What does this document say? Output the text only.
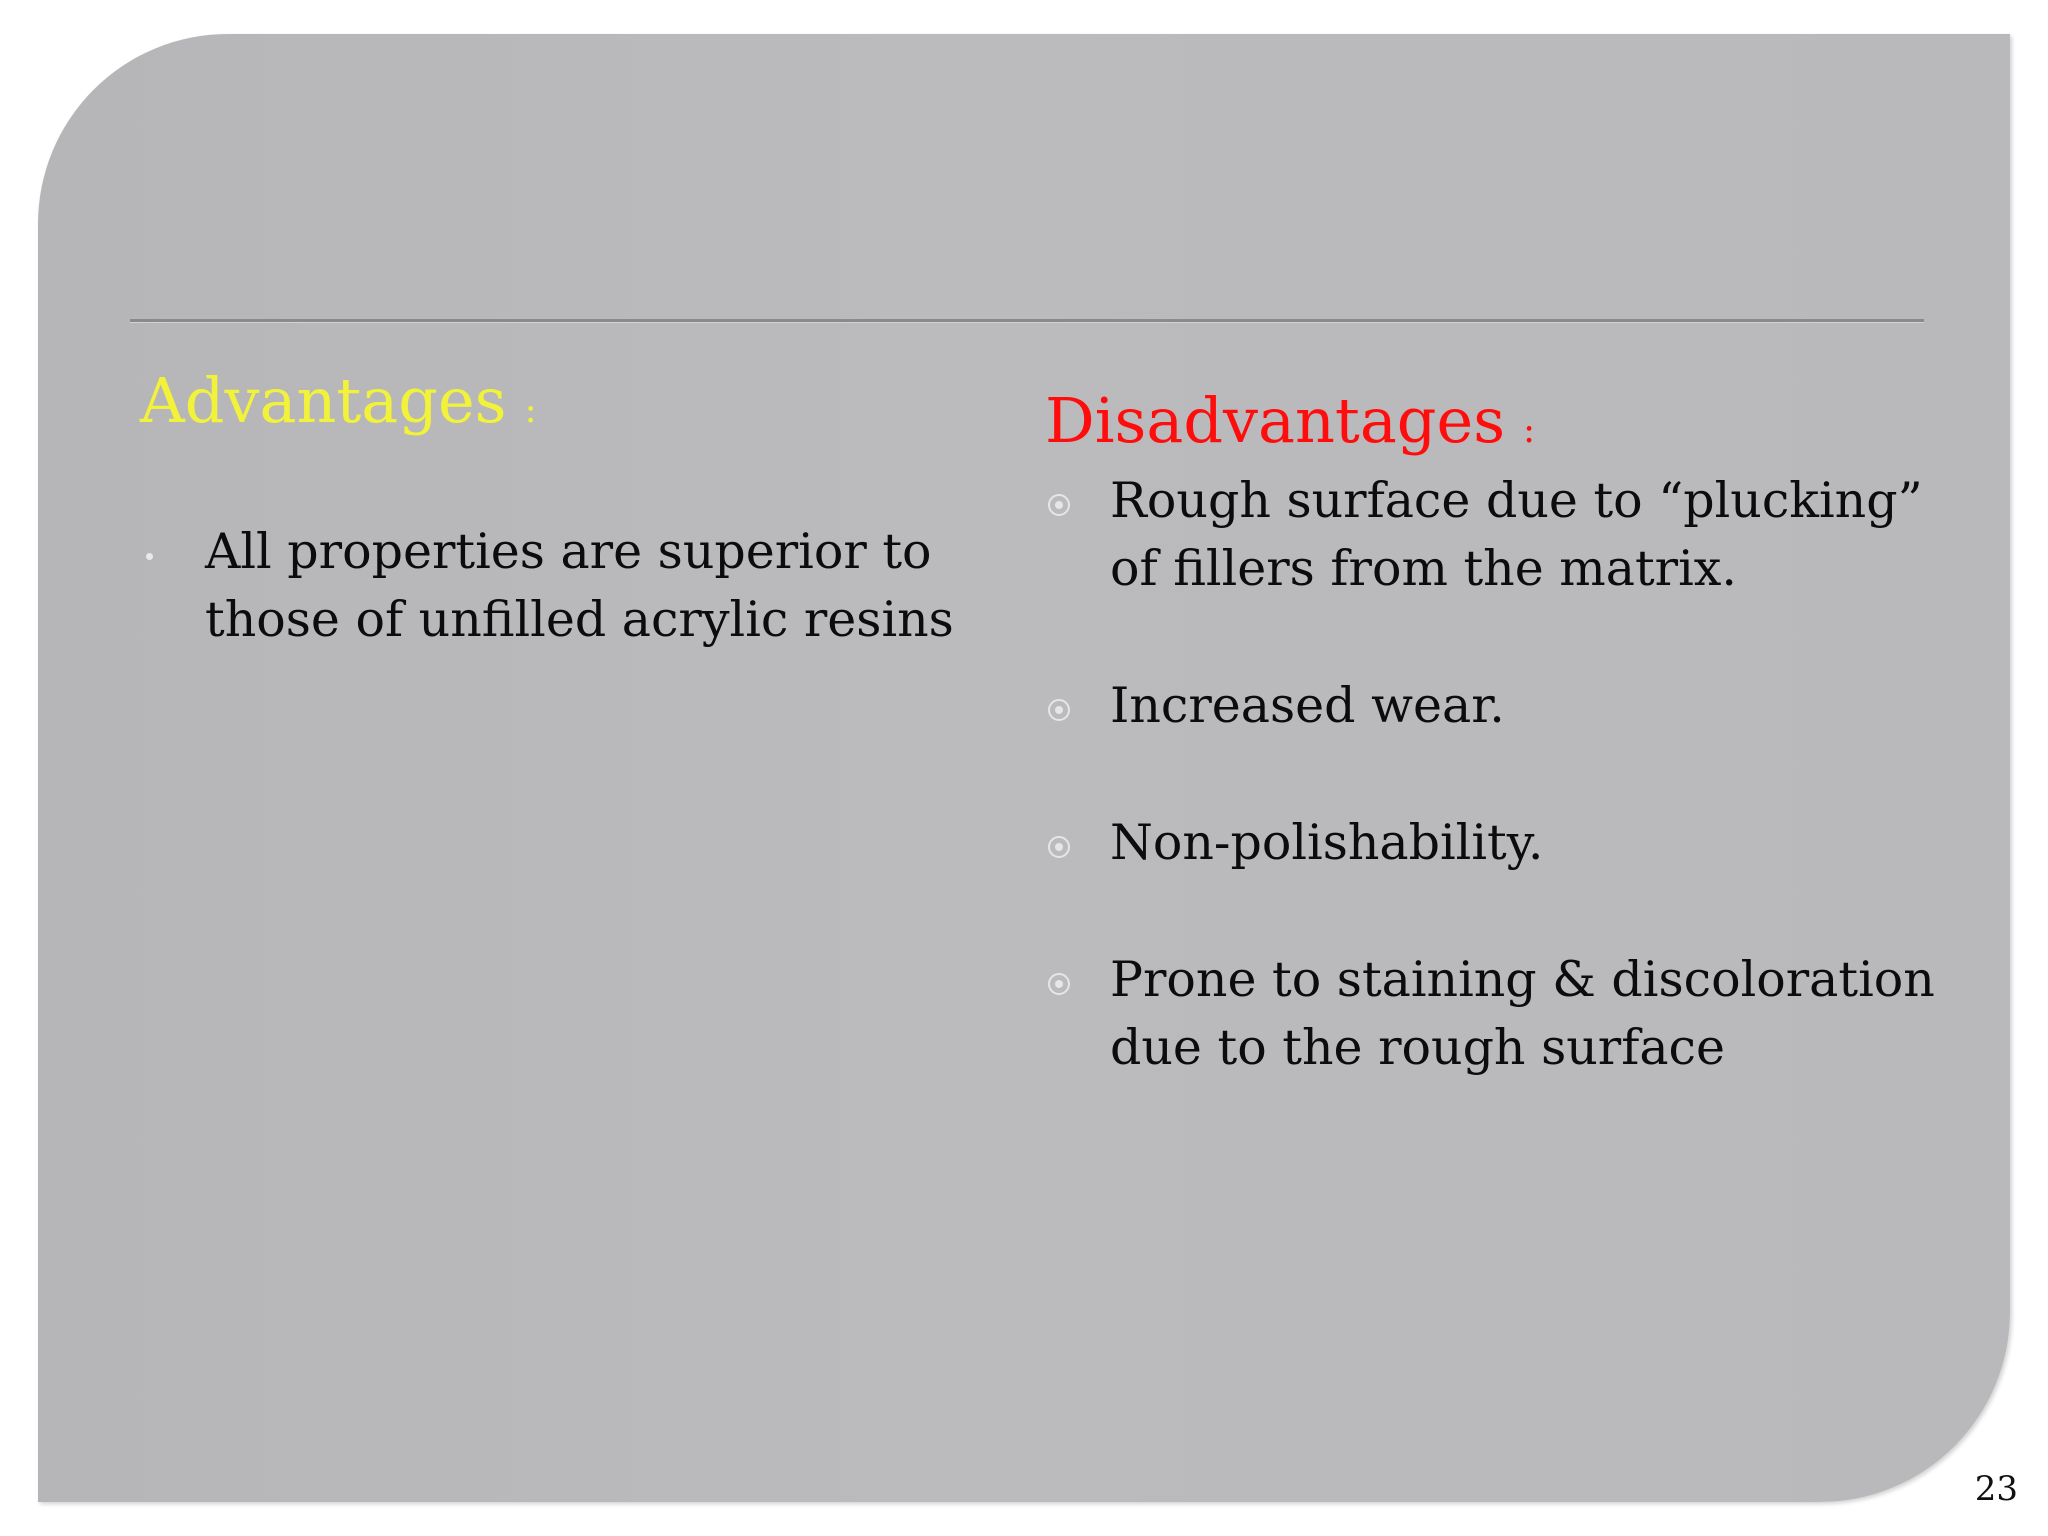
Advantages :

All properties are superior to
those of unfilled acrylic resins

Disadvantages :

Rough surface due to “plucking”
of fillers from the matrix.

Increased wear.

Non-polishability.

Prone to staining & discoloration
due to the rough surface

23
